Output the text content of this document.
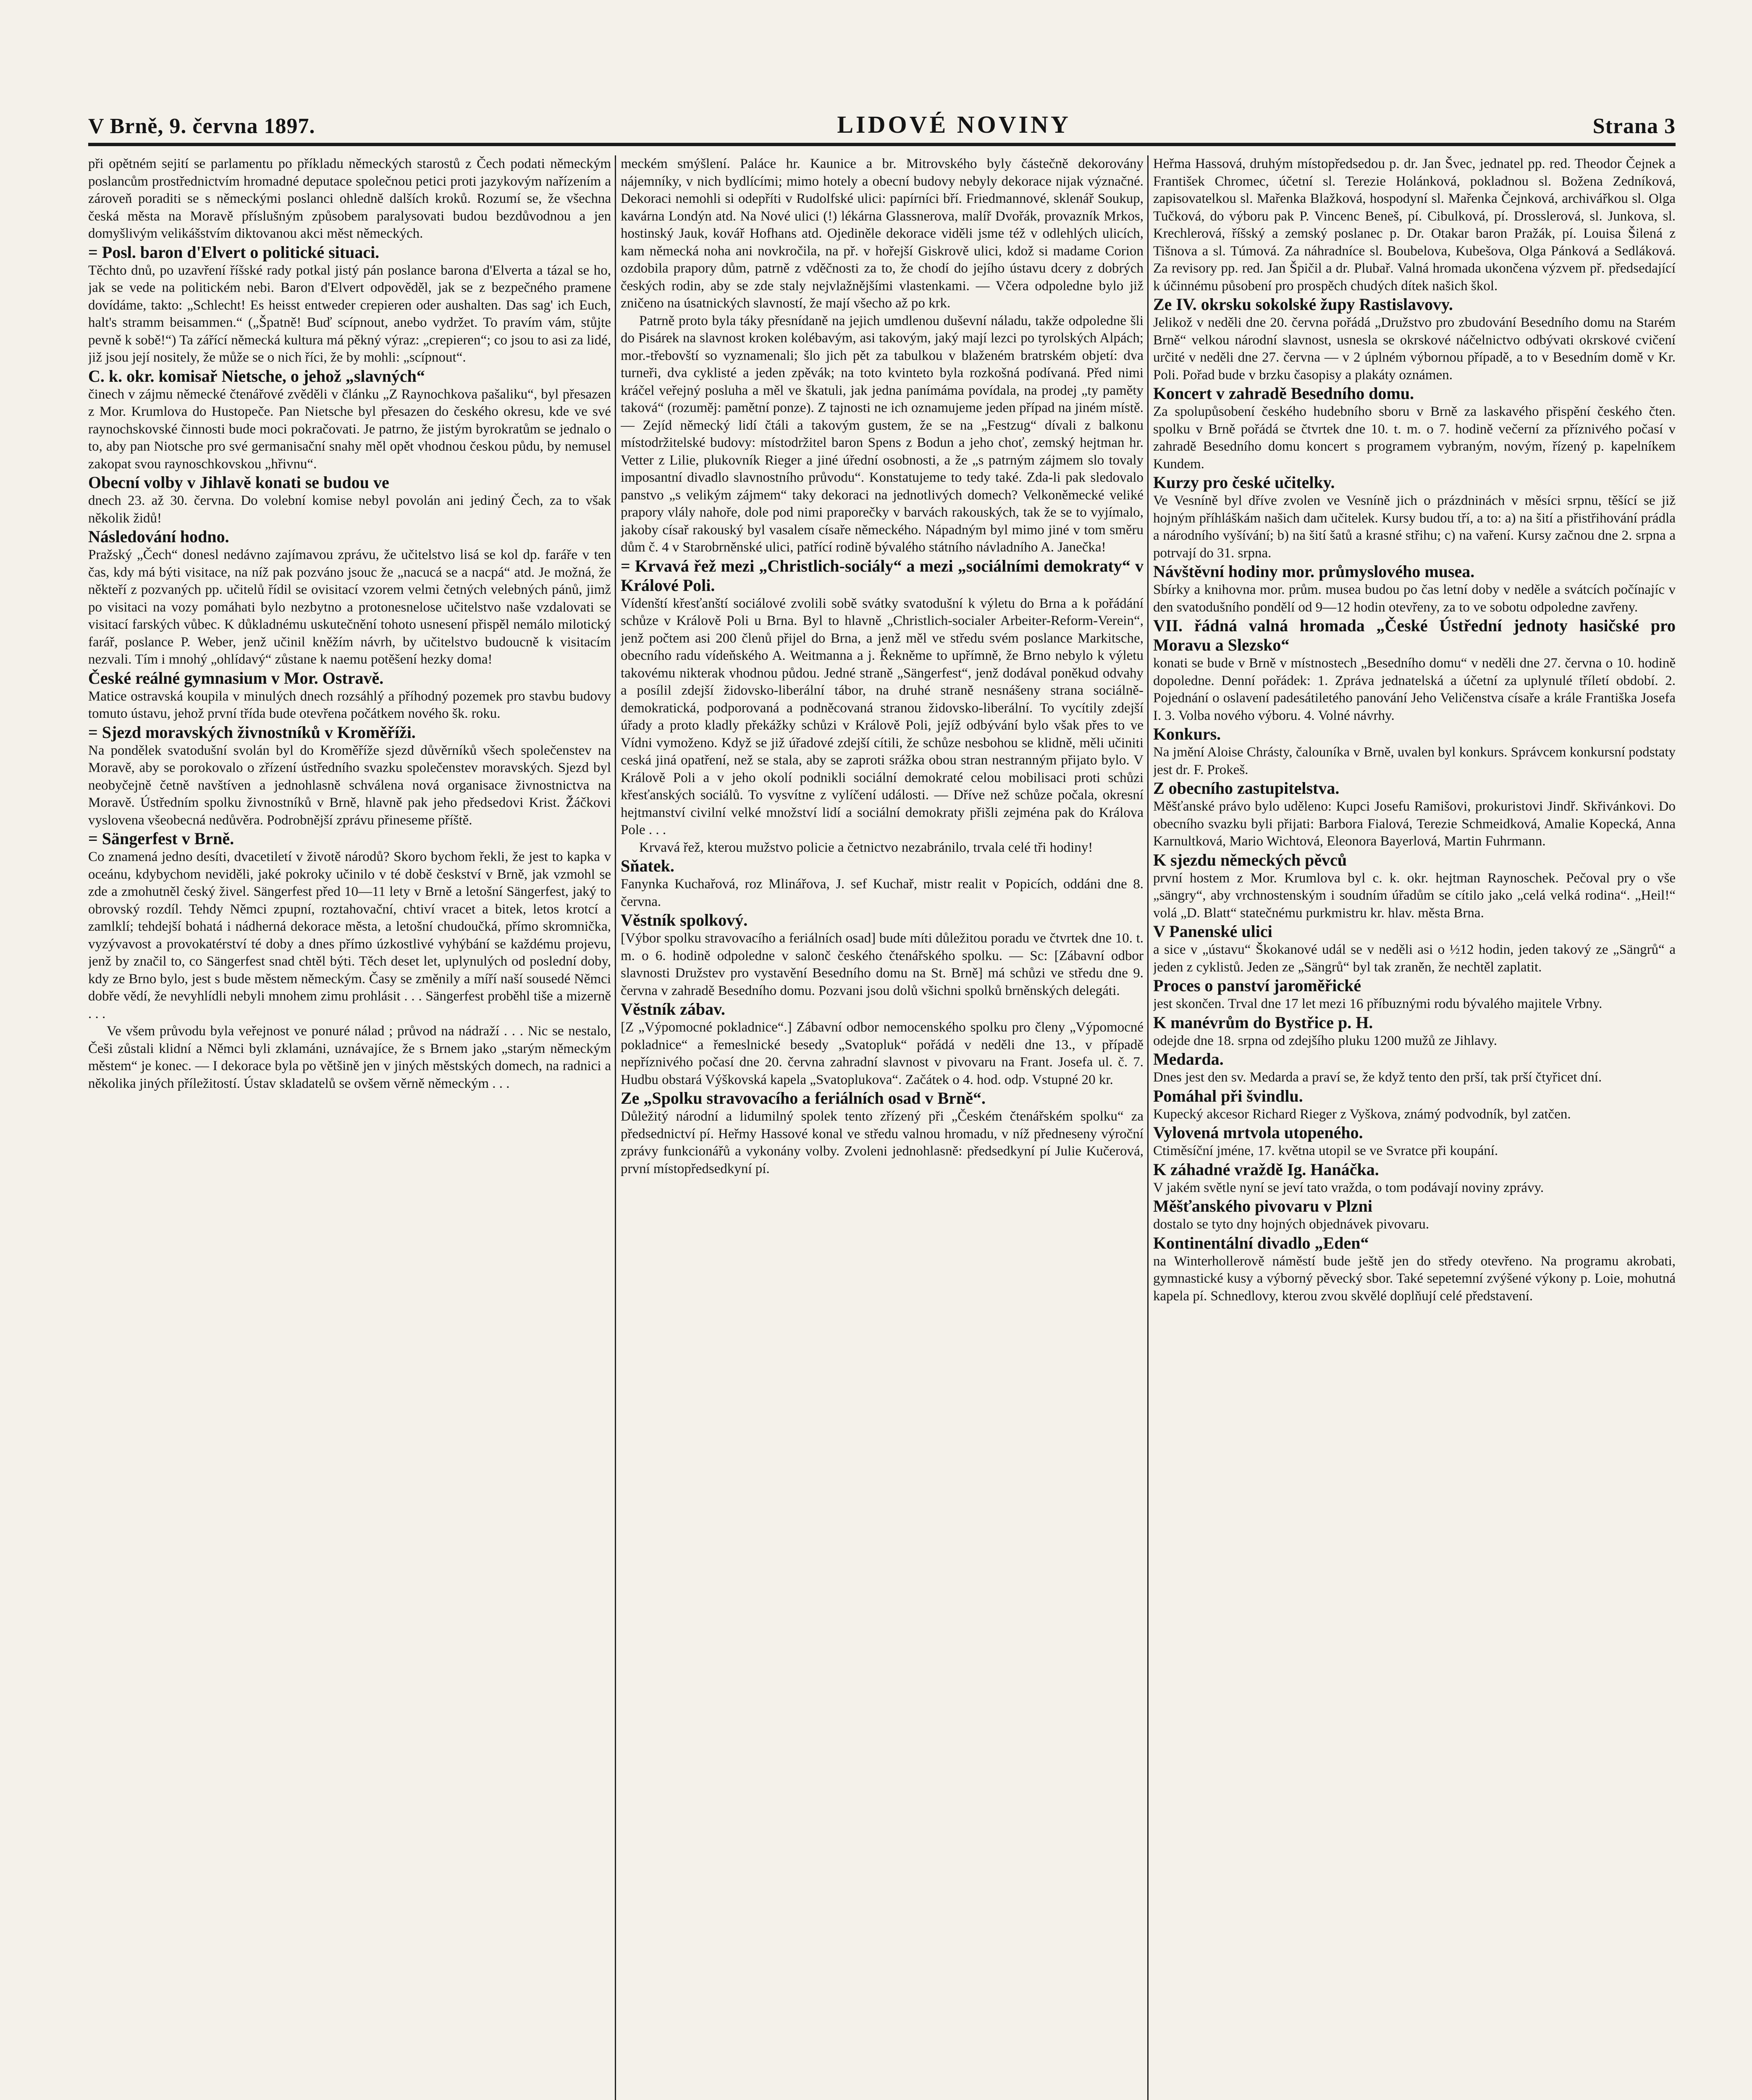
V Brně, 9. června 1897.	LIDOVÉ NOVINY	Strana 3

při opětném sejití se parlamentu po příkladu německých starostů z Čech podati německým poslancům prostřednictvím hromadné deputace společnou petici proti jazykovým nařízením a zároveň poraditi se s německými poslanci ohledně dalších kroků. Rozumí se, že všechna česká města na Moravě příslušným způsobem paralysovati budou bezdůvodnou a jen domyšlivým velikášstvím diktovanou akci měst německých.

= Posl. baron d'Elvert o politické situaci.

Těchto dnů, po uzavření říšské rady potkal jistý pán poslance barona d'Elverta a tázal se ho, jak se vede na politickém nebi. Baron d'Elvert odpověděl, jak se z bezpečného pramene dovídáme, takto: „Schlecht! Es heisst entweder crepieren oder aushalten. Das sag' ich Euch, halt's stramm beisammen.“ („Špatně! Buď scípnout, anebo vydržet. To pravím vám, stůjte pevně k sobě!“) Ta zářící německá kultura má pěkný výraz: „crepieren“; co jsou to asi za lidé, již jsou její nositely, že může se o nich říci, že by mohli: „scípnout“.

C. k. okr. komisař Nietsche, o jehož „slavných“

činech v zájmu německé čtenářové zvěděli v článku „Z Raynochkova pašaliku“, byl přesazen z Mor. Krumlova do Hustopeče. Pan Nietsche byl přesazen do českého okresu, kde ve své raynochskovské činnosti bude moci pokračovati. Je patrno, že jistým byrokratům se jednalo o to, aby pan Niotsche pro své germanisační snahy měl opět vhodnou českou půdu, by nemusel zakopat svou raynoschkovskou „hřivnu“.

Obecní volby v Jihlavě konati se budou ve

dnech 23. až 30. června. Do volební komise nebyl povolán ani jediný Čech, za to však několik židů!

Následování hodno.

Pražský „Čech“ donesl nedávno zajímavou zprávu, že učitelstvo lisá se kol dp. faráře v ten čas, kdy má býti visitace, na níž pak pozváno jsouc že „nacucá se a nacpá“ atd. Je možná, že někteří z pozvaných pp. učitelů řídil se ovisitací vzorem velmi četných velebných pánů, jimž po visitaci na vozy pomáhati bylo nezbytno a protonesnelose učitelstvo naše vzdalovati se visitací farských vůbec. K důkladnému uskutečnění tohoto usnesení přispěl nemálo milotický farář, poslance P. Weber, jenž učinil kněžím návrh, by učitelstvo budoucně k visitacím nezvali. Tím i mnohý „ohlídavý“ zůstane k naemu potěšení hezky doma!

České reálné gymnasium v Mor. Ostravě.

Matice ostravská koupila v minulých dnech rozsáhlý a příhodný pozemek pro stavbu budovy tomuto ústavu, jehož první třída bude otevřena počátkem nového šk. roku.

= Sjezd moravských živnostníků v Kroměříži.

Na pondělek svatodušní svolán byl do Kroměříže sjezd důvěrníků všech společenstev na Moravě, aby se porokovalo o zřízení ústředního svazku společenstev moravských. Sjezd byl neobyčejně četně navštíven a jednohlasně schválena nová organisace živnostnictva na Moravě. Ústředním spolku živnostníků v Brně, hlavně pak jeho předsedovi Krist. Žáčkovi vyslovena všeobecná nedůvěra. Podrobnější zprávu přineseme příště.

= Sängerfest v Brně.

Co znamená jedno desíti, dvacetiletí v životě národů? Skoro bychom řekli, že jest to kapka v oceánu, kdybychom neviděli, jaké pokroky učinilo v té době českství v Brně, jak vzmohl se zde a zmohutněl český živel. Sängerfest před 10—11 lety v Brně a letošní Sängerfest, jaký to obrovský rozdíl. Tehdy Němci zpupní, roztahovační, chtiví vracet a bitek, letos krotcí a zamlklí; tehdejší bohatá i nádherná dekorace města, a letošní chudoučká, přímo skromnička, vyzývavost a provokatérství té doby a dnes přímo úzkostlivé vyhýbání se každému projevu, jenž by značil to, co Sängerfest snad chtěl býti. Těch deset let, uplynulých od poslední doby, kdy ze Brno bylo, jest s bude městem německým. Časy se změnily a míří naší sousedé Němci dobře vědí, že nevyhlídli nebyli mnohem zimu prohlásit . . . Sängerfest proběhl tiše a mizerně . . .

Ve všem průvodu byla veřejnost ve ponuré nálad ; průvod na nádraží . . . Nic se nestalo, Češi zůstali klidní a Němci byli zklamáni, uznávajíce, že s Brnem jako „starým německým městem“ je konec. — I dekorace byla po většině jen v jiných městských domech, na radnici a několika jiných příležitostí. Ústav skladatelů se ovšem věrně německým . . .

meckém smýšlení. Paláce hr. Kaunice a br. Mitrovského byly částečně dekorovány nájemníky, v nich bydlícími; mimo hotely a obecní budovy nebyly dekorace nijak význačné. Dekoraci nemohli si odepříti v Rudolfské ulici: papírníci bří. Friedmannové, sklenář Soukup, kavárna Londýn atd. Na Nové ulici (!) lékárna Glassnerova, malíř Dvořák, provazník Mrkos, hostinský Jauk, kovář Hofhans atd. Ojediněle dekorace viděli jsme též v odlehlých ulicích, kam německá noha ani novkročila, na př. v hořejší Giskrově ulici, kdož si madame Corion ozdobila prapory dům, patrně z vděčnosti za to, že chodí do jejího ústavu dcery z dobrých českých rodin, aby se zde staly nejvlažnějšími vlastenkami. — Včera odpoledne bylo již zničeno na úsatnických slavností, že mají všecho až po krk.

Patrně proto byla táky přesnídaně na jejich umdlenou duševní náladu, takže odpoledne šli do Pisárek na slavnost kroken kolébavým, asi takovým, jaký mají lezci po tyrolských Alpách; mor.-třebovští so vyznamenali; šlo jich pět za tabulkou v blaženém bratrském objetí: dva turneři, dva cyklisté a jeden zpěvák; na toto kvinteto byla rozkošná podívaná. Před nimi kráčel veřejný posluha a měl ve škatuli, jak jedna panímáma povídala, na prodej „ty paměty taková“ (rozuměj: pamětní ponze). Z tajnosti ne ich oznamujeme jeden případ na jiném místě. — Zejíd německý lidí čtáli a takovým gustem, že se na „Festzug“ dívali z balkonu místodržitelské budovy: místodržitel baron Spens z Bodun a jeho choť, zemský hejtman hr. Vetter z Lilie, plukovník Rieger a jiné úřední osobnosti, a že „s patrným zájmem slo tovaly imposantní divadlo slavnostního průvodu“. Konstatujeme to tedy také. Zda-li pak sledovalo panstvo „s velikým zájmem“ taky dekoraci na jednotlivých domech? Velkoněmecké veliké prapory vlály nahoře, dole pod nimi praporečky v barvách rakouských, tak že se to vyjímalo, jakoby císař rakouský byl vasalem císaře německého. Nápadným byl mimo jiné v tom směru dům č. 4 v Starobrněnské ulici, patřící rodině bývalého státního návladního A. Janečka!

= Krvavá řež mezi „Christlich-sociály“ a mezi „sociálními demokraty“ v Králové Poli.

Vídenští křesťanští sociálové zvolili sobě svátky svatodušní k výletu do Brna a k pořádání schůze v Králově Poli u Brna. Byl to hlavně „Christlich-socialer Arbeiter-Reform-Verein“, jenž počtem asi 200 členů přijel do Brna, a jenž měl ve středu svém poslance Markitsche, obecního radu vídeňského A. Weitmanna a j. Řekněme to upřímně, že Brno nebylo k výletu takovému nikterak vhodnou půdou. Jedné straně „Sängerfest“, jenž dodával poněkud odvahy a posílil zdejší židovsko-liberální tábor, na druhé straně nesnášeny strana sociálně-demokratická, podporovaná a podněcovaná stranou židovsko-liberální. To vycítily zdejší úřady a proto kladly překážky schůzi v Králově Poli, jejíž odbývání bylo však přes to ve Vídni vymoženo. Když se již úřadové zdejší cítili, že schůze nesbohou se klidně, měli učiniti ceská jiná opatření, než se stala, aby se zaproti srážka obou stran nestranným přijato bylo. V Králově Poli a v jeho okolí podnikli sociální demokraté celou mobilisaci proti schůzi křesťanských sociálů. To vysvítne z vylíčení události. — Dříve než schůze počala, okresní hejtmanství civilní velké množství lidí a sociální demokraty přišli zejména pak do Králova Pole . . .

Krvavá řež, kterou mužstvo policie a četnictvo nezabránilo, trvala celé tři hodiny!

Sňatek.

Fanynka Kuchařová, roz Mlinářova, J. sef Kuchař, mistr realit v Popicích, oddáni dne 8. června.

Věstník spolkový.

[Výbor spolku stravovacího a feriálních osad] bude míti důležitou poradu ve čtvrtek dne 10. t. m. o 6. hodině odpoledne v salonč českého čtenářského spolku. — Sc: [Zábavní odbor slavnosti Družstev pro vystavění Besedního domu na St. Brně] má schůzi ve středu dne 9. června v zahradě Besedního domu. Pozvani jsou dolů všichni spolků brněnských delegáti.

Věstník zábav.

[Z „Výpomocné pokladnice“.] Zábavní odbor nemocenského spolku pro členy „Výpomocné pokladnice“ a řemeslnické besedy „Svatopluk“ pořádá v neděli dne 13., v případě nepříznivého počasí dne 20. června zahradní slavnost v pivovaru na Frant. Josefa ul. č. 7. Hudbu obstará Výškovská kapela „Svatoplukova“. Začátek o 4. hod. odp. Vstupné 20 kr.

Ze „Spolku stravovacího a feriálních osad v Brně“.

Důležitý národní a lidumilný spolek tento zřízený při „Českém čtenářském spolku“ za předsednictví pí. Heřmy Hassové konal ve středu valnou hromadu, v níž předneseny výroční zprávy funkcionářů a vykonány volby. Zvoleni jednohlasně: předsedkyní pí Julie Kučerová, první místopředsedkyní pí.

Heřma Hassová, druhým místopředsedou p. dr. Jan Švec, jednatel pp. red. Theodor Čejnek a František Chromec, účetní sl. Terezie Holánková, pokladnou sl. Božena Zedníková, zapisovatelkou sl. Mařenka Blažková, hospodyní sl. Mařenka Čejnková, archivářkou sl. Olga Tučková, do výboru pak P. Vincenc Beneš, pí. Cibulková, pí. Drosslerová, sl. Junkova, sl. Krechlerová, říšský a zemský poslanec p. Dr. Otakar baron Pražák, pí. Louisa Šilená z Tišnova a sl. Túmová. Za náhradníce sl. Boubelova, Kubešova, Olga Pánková a Sedláková. Za revisory pp. red. Jan Špičil a dr. Plubař. Valná hromada ukončena výzvem př. předsedající k účinnému působení pro prospěch chudých dítek našich škol.

Ze IV. okrsku sokolské župy Rastislavovy.

Jelikož v neděli dne 20. června pořádá „Družstvo pro zbudování Besedního domu na Starém Brně“ velkou národní slavnost, usnesla se okrskové náčelnictvo odbývati okrskové cvičení určité v neděli dne 27. června — v 2 úplném výbornou případě, a to v Besedním domě v Kr. Poli. Pořad bude v brzku časopisy a plakáty oznámen.

Koncert v zahradě Besedního domu.

Za spolupůsobení českého hudebního sboru v Brně za laskavého přispění českého čten. spolku v Brně pořádá se čtvrtek dne 10. t. m. o 7. hodině večerní za příznivého počasí v zahradě Besedního domu koncert s programem vybraným, novým, řízený p. kapelníkem Kundem.

Kurzy pro české učitelky.

Ve Vesníně byl dříve zvolen ve Vesníně jich o prázdninách v měsíci srpnu, těšící se již hojným příhláškám našich dam učitelek. Kursy budou tří, a to: a) na šití a přistřihování prádla a národního vyšívání; b) na šití šatů a krasné střihu; c) na vaření. Kursy začnou dne 2. srpna a potrvají do 31. srpna.

Návštěvní hodiny mor. průmyslového musea.

Sbírky a knihovna mor. prům. musea budou po čas letní doby v neděle a svátcích počínajíc v den svatodušního pondělí od 9—12 hodin otevřeny, za to ve sobotu odpoledne zavřeny.

VII. řádná valná hromada „České Ústřední jednoty hasičské pro Moravu a Slezsko“

konati se bude v Brně v místnostech „Besedního domu“ v neděli dne 27. června o 10. hodině dopoledne. Denní pořádek: 1. Zpráva jednatelská a účetní za uplynulé tříletí období. 2. Pojednání o oslavení padesátiletého panování Jeho Veličenstva císaře a krále Františka Josefa I. 3. Volba nového výboru. 4. Volné návrhy.

Konkurs.

Na jmění Aloise Chrásty, čalouníka v Brně, uvalen byl konkurs. Správcem konkursní podstaty jest dr. F. Prokeš.

Z obecního zastupitelstva.

Měšťanské právo bylo uděleno: Kupci Josefu Ramišovi, prokuristovi Jindř. Skřivánkovi. Do obecního svazku byli přijati: Barbora Fialová, Terezie Schmeidková, Amalie Kopecká, Anna Karnultková, Mario Wichtová, Eleonora Bayerlová, Martin Fuhrmann.

K sjezdu německých pěvců

první hostem z Mor. Krumlova byl c. k. okr. hejtman Raynoschek. Pečoval pry o vše „sängry“, aby vrchnostenským i soudním úřadům se cítilo jako „celá velká rodina“. „Heil!“ volá „D. Blatt“ statečnému purkmistru kr. hlav. města Brna.

V Panenské ulici

a sice v „ústavu“ Škokanové udál se v neděli asi o ½12 hodin, jeden takový ze „Sängrů“ a jeden z cyklistů. Jeden ze „Sängrů“ byl tak zraněn, že nechtěl zaplatit.

Proces o panství jaroměřické

jest skončen. Trval dne 17 let mezi 16 příbuznými rodu bývalého majitele Vrbny.

K manévrům do Bystřice p. H.

odejde dne 18. srpna od zdejšího pluku 1200 mužů ze Jihlavy.

Medarda.

Dnes jest den sv. Medarda a praví se, že když tento den prší, tak prší čtyřicet dní.

Pomáhal při švindlu.

Kupecký akcesor Richard Rieger z Vyškova, známý podvodník, byl zatčen.

Vylovená mrtvola utopeného.

Ctiměsíční jméne, 17. května utopil se ve Svratce při koupání.

K záhadné vraždě Ig. Hanáčka.

V jakém světle nyní se jeví tato vražda, o tom podávají noviny zprávy.

Měšťanského pivovaru v Plzni

dostalo se tyto dny hojných objednávek pivovaru.

Kontinentální divadlo „Eden“

na Winterhollerově náměstí bude ještě jen do středy otevřeno. Na programu akrobati, gymnastické kusy a výborný pěvecký sbor. Také sepetemní zvýšené výkony p. Loie, mohutná kapela pí. Schnedlovy, kterou zvou skvělé doplňují celé představení.
